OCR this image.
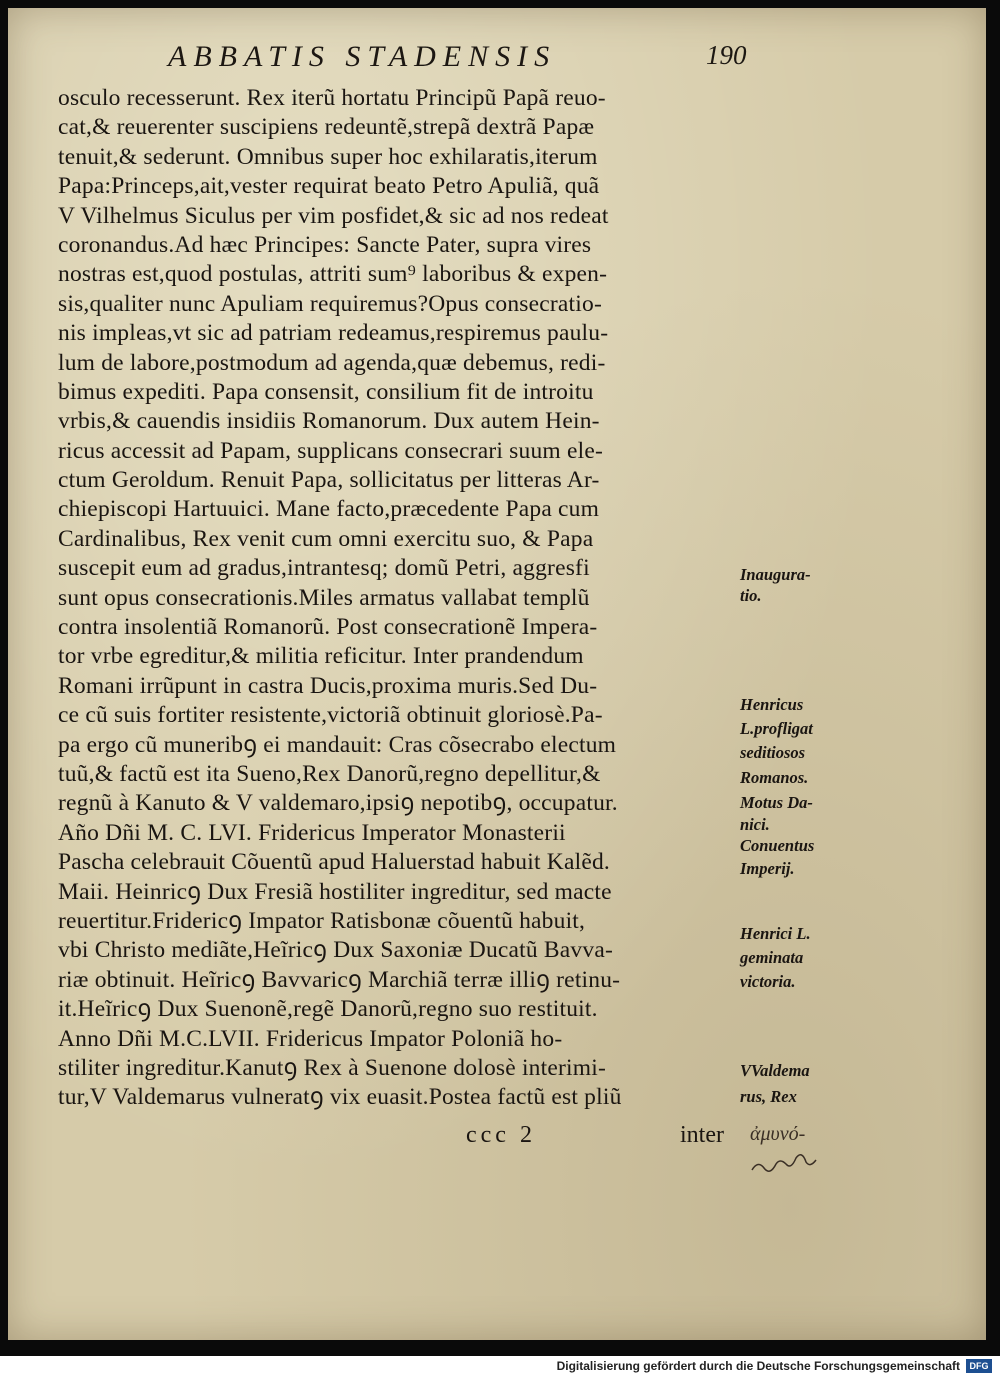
ABBATIS STADENSIS	190
osculo recesserunt. Rex iterũ hortatu Principũ Papã reuo-
cat,& reuerenter suscipiens redeuntẽ,strepã dextrã Papæ
tenuit,& sederunt. Omnibus super hoc exhilaratis,iterum
Papa:Princeps,ait,vester requirat beato Petro Apuliã, quã
V Vilhelmus Siculus per vim posfidet,& sic ad nos redeat
coronandus.Ad hæc Principes: Sancte Pater, supra vires
nostras est,quod postulas, attriti sum⁹ laboribus & expen-
sis,qualiter nunc Apuliam requiremus?Opus consecratio-
nis impleas,vt sic ad patriam redeamus,respiremus paulu-
lum de labore,postmodum ad agenda,quæ debemus, redi-
bimus expediti. Papa consensit, consilium fit de introitu
vrbis,& cauendis insidiis Romanorum. Dux autem Hein-
ricus accessit ad Papam, supplicans consecrari suum ele-
ctum Geroldum. Renuit Papa, sollicitatus per litteras Ar-
chiepiscopi Hartuuici. Mane facto,præcedente Papa cum
Cardinalibus, Rex venit cum omni exercitu suo, & Papa
suscepit eum ad gradus,intrantesq; domũ Petri, aggresfi
sunt opus consecrationis.Miles armatus vallabat templũ
contra insolentiã Romanorũ. Post consecrationẽ Impera-
tor vrbe egreditur,& militia reficitur. Inter prandendum
Romani irrũpunt in castra Ducis,proxima muris.Sed Du-
ce cũ suis fortiter resistente,victoriã obtinuit gloriosè.Pa-
pa ergo cũ muneribꝯ ei mandauit: Cras cõsecrabo electum
tuũ,& factũ est ita Sueno,Rex Danorũ,regno depellitur,&
regnũ à Kanuto & V valdemaro,ipsiꝯ nepotibꝯ, occupatur.
Año Dñi M. C. LVI. Fridericus Imperator Monasterii
Pascha celebrauit Cõuentũ apud Haluerstad habuit Kalẽd.
Maii. Heinricꝯ Dux Fresiã hostiliter ingreditur, sed macte
reuertitur.Fridericꝯ Impator Ratisbonæ cõuentũ habuit,
vbi Christo mediãte,Heĩricꝯ Dux Saxoniæ Ducatũ Bavva-
riæ obtinuit. Heĩricꝯ Bavvaricꝯ Marchiã terræ illiꝯ retinu-
it.Heĩricꝯ Dux Suenonẽ,regẽ Danorũ,regno suo restituit.
Anno Dñi M.C.LVII. Fridericus Impator Poloniã ho-
stiliter ingreditur.Kanutꝯ Rex à Suenone dolosè interimi-
tur,V Valdemarus vulneratꝯ vix euasit.Postea factũ est pliũ
Inaugura-
tio.
Henricus
L.profligat
seditiosos
Romanos.
Motus Da-
nici.
Conuentus
Imperij.
Henrici L.
geminata
victoria.
VValdema
rus, Rex
ccc 2	inter ἀμυνό-
Digitalisierung gefördert durch die Deutsche Forschungsgemeinschaft	DFG
